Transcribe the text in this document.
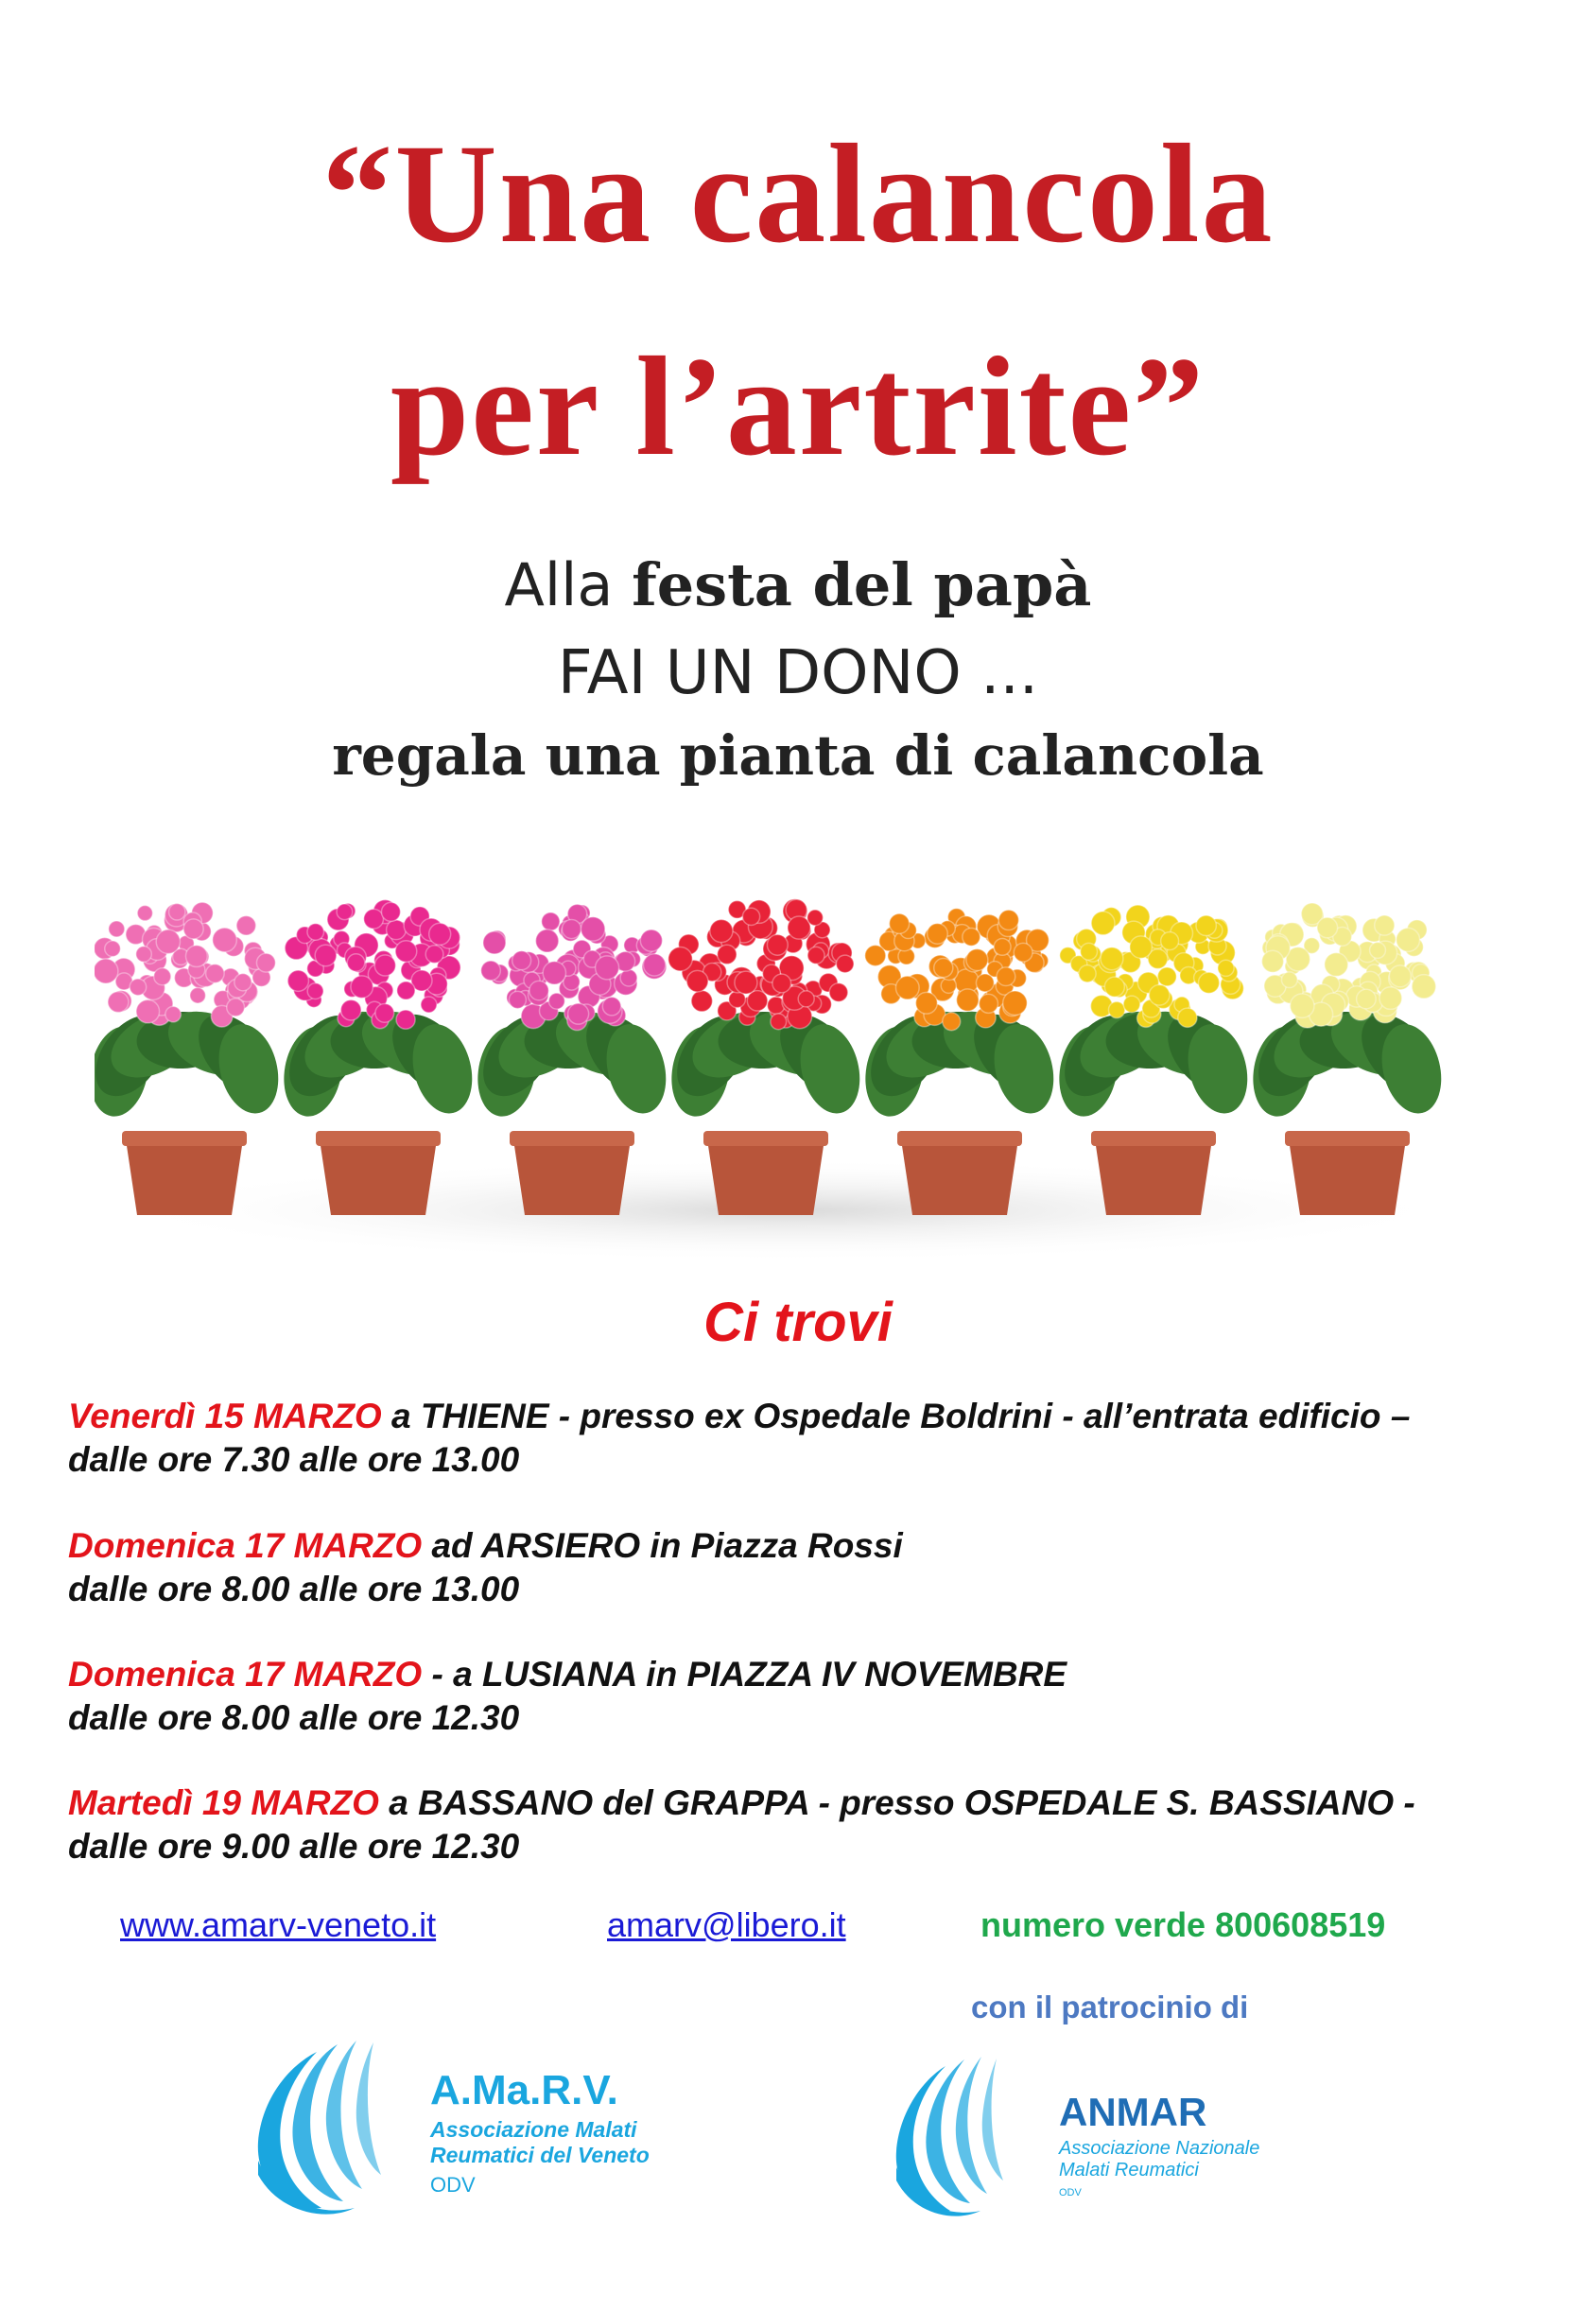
“Una calancola
per l’artrite”
Alla festa del papà
FAI UN DONO ...
regala una pianta di calancola
Ci trovi
Venerdì 15 MARZO a THIENE - presso ex Ospedale Boldrini - all’entrata edificio –
dalle ore 7.30 alle ore 13.00
Domenica 17 MARZO ad ARSIERO in Piazza Rossi
dalle ore 8.00 alle ore 13.00
Domenica 17 MARZO - a LUSIANA in PIAZZA IV NOVEMBRE
dalle ore 8.00 alle ore 12.30
Martedì 19 MARZO a BASSANO del GRAPPA - presso OSPEDALE S. BASSIANO -
dalle ore 9.00 alle ore 12.30
www.amarv-veneto.it	amarv@libero.it	numero verde 800608519
con il patrocinio di
A.Ma.R.V.
Associazione Malati
Reumatici del Veneto
ODV
ANMAR
Associazione Nazionale
Malati Reumatici
ODV
